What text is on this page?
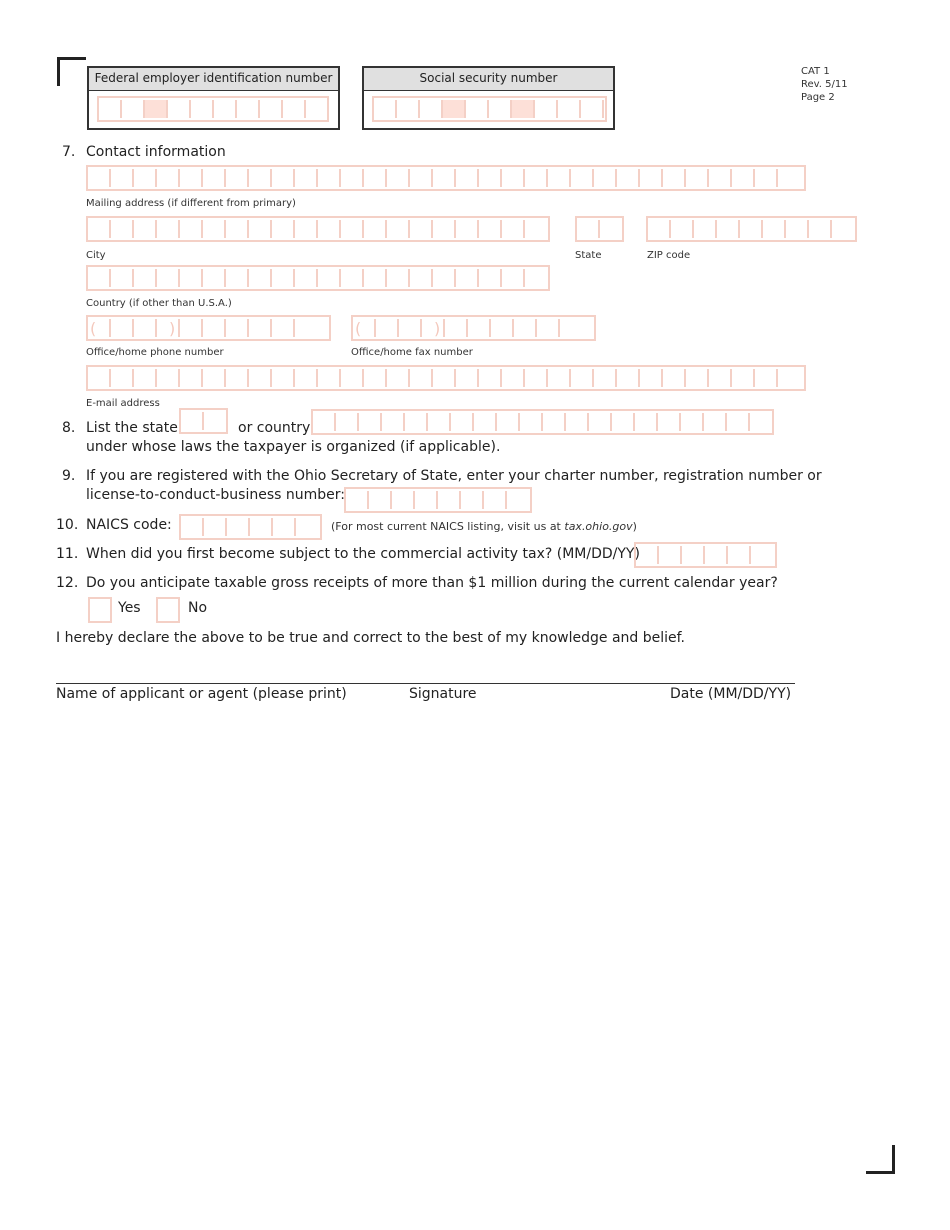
CAT 1
Rev. 5/11
Page 2
Federal employer identification number	Social security number
7. Contact information
Mailing address (if different from primary)
City	State	ZIP code
Country (if other than U.S.A.)
(
)
(
)
Office/home phone number	Office/home fax number
E-mail address
8. List the state	or country
under whose laws the taxpayer is organized (if applicable).
9. If you are registered with the Ohio Secretary of State, enter your charter number, registration number or
license-to-conduct-business number:
10. NAICS code:	(For most current NAICS listing, visit us at tax.ohio.gov)
11. When did you first become subject to the commercial activity tax? (MM/DD/YY)
12. Do you anticipate taxable gross receipts of more than $1 million during the current calendar year?
Yes	No
I hereby declare the above to be true and correct to the best of my knowledge and belief.
Name of applicant or agent (please print)	Signature	Date (MM/DD/YY)
